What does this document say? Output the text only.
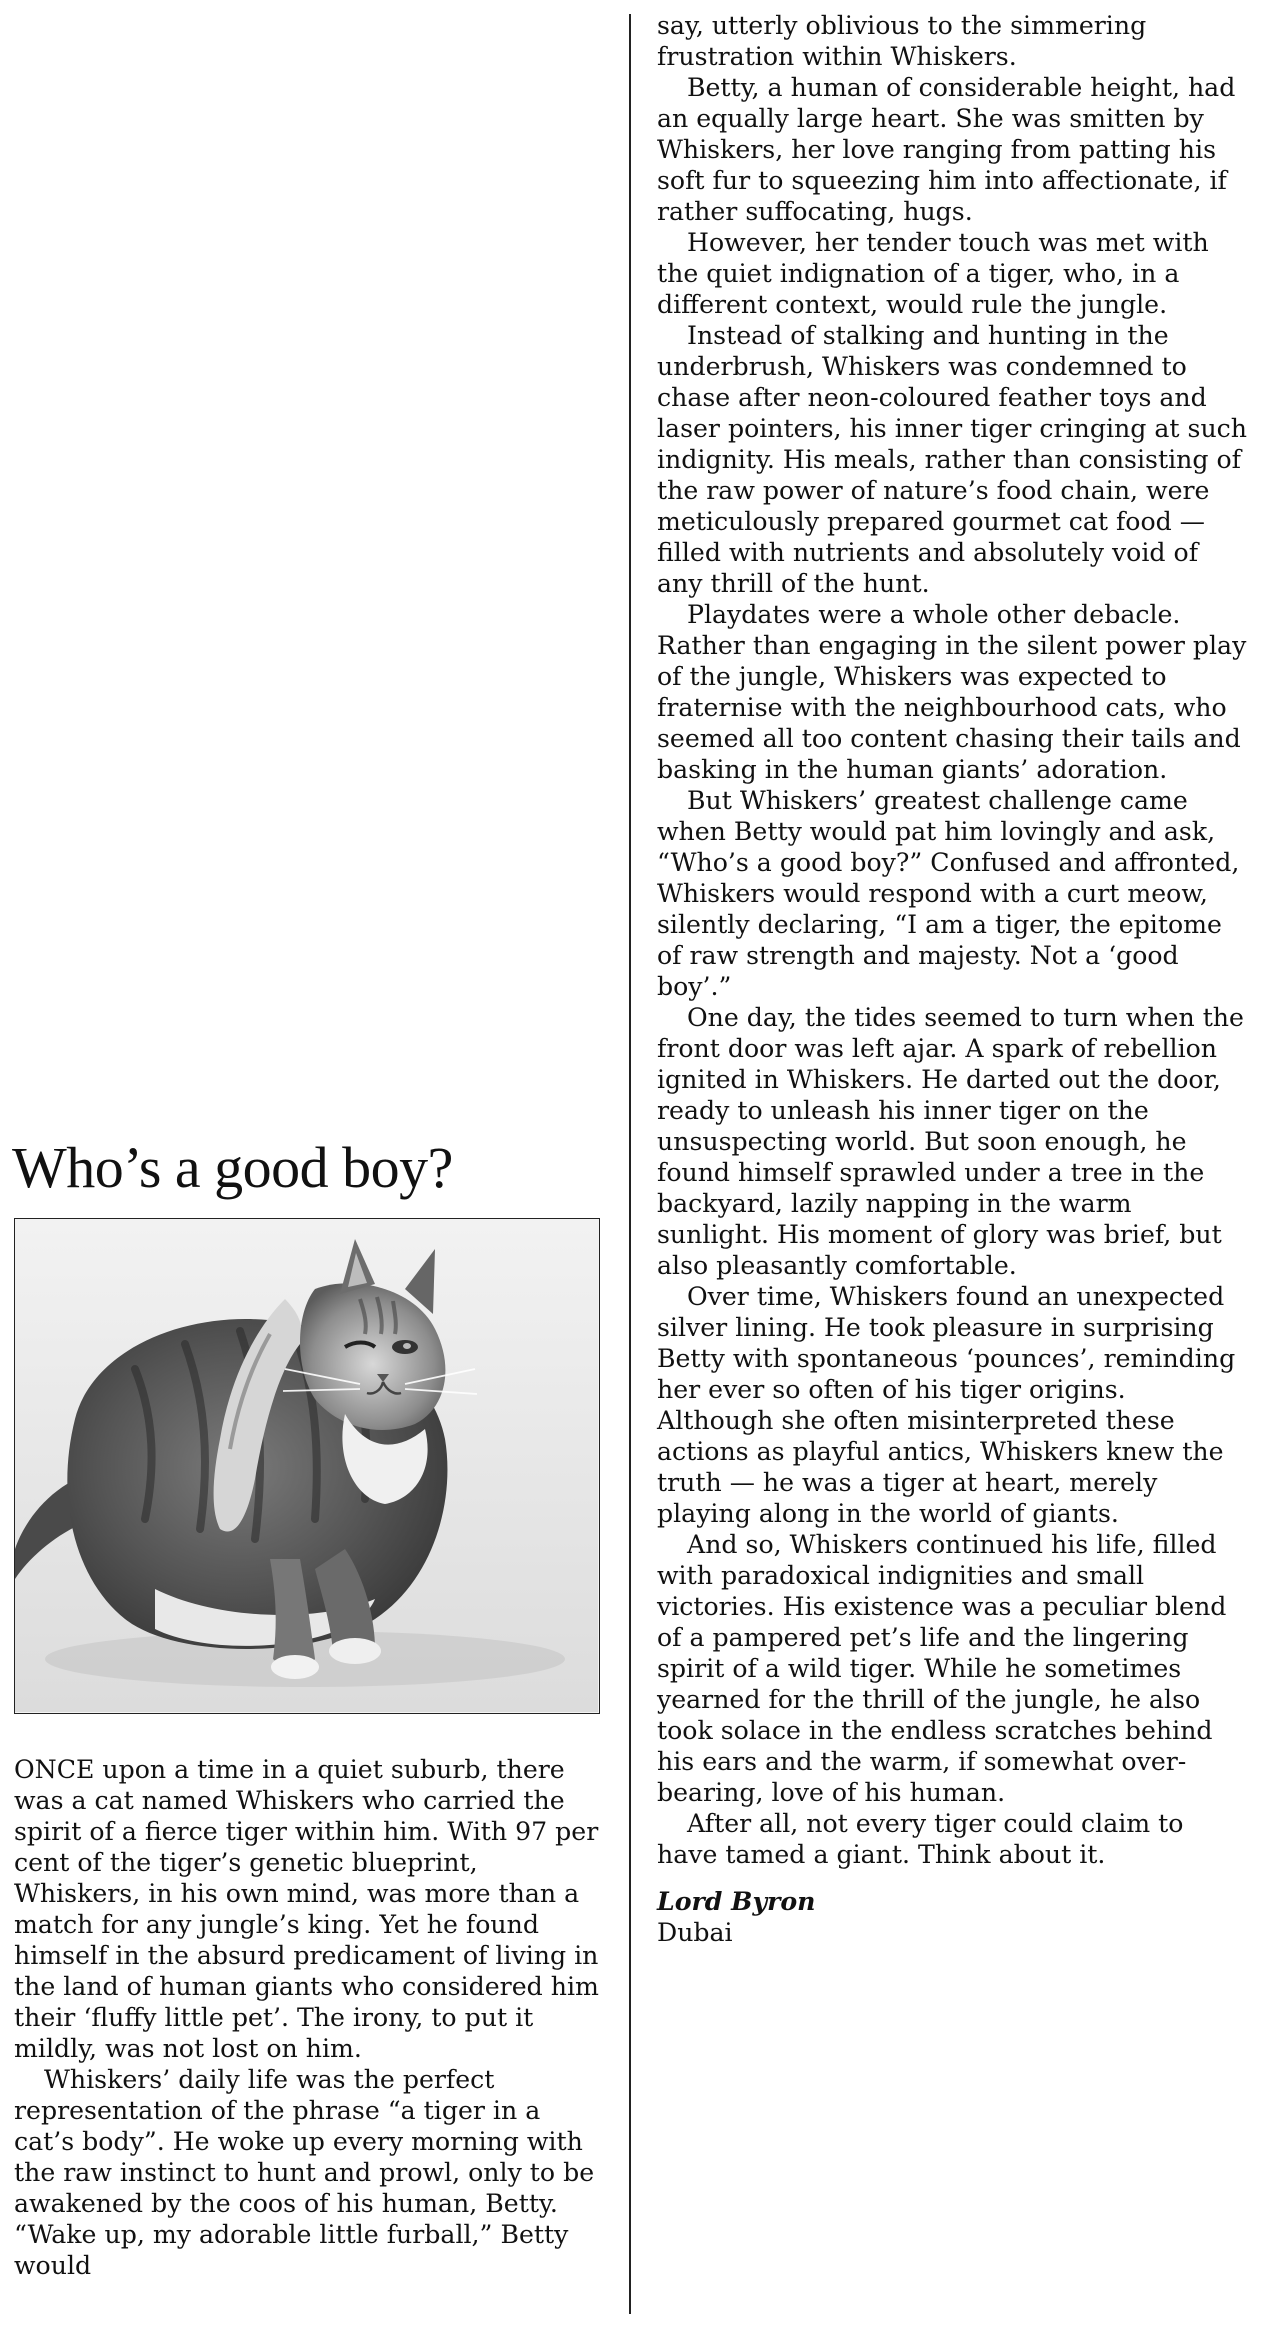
Who’s a good boy?

ONCE upon a time in a quiet suburb, there was a cat named Whiskers who carried the spirit of a fierce tiger within him. With 97 per cent of the tiger’s genetic blueprint, Whiskers, in his own mind, was more than a match for any jungle’s king. Yet he found himself in the absurd predicament of living in the land of human giants who considered him their ‘fluffy little pet’. The irony, to put it mildly, was not lost on him.

Whiskers’ daily life was the perfect representation of the phrase “a tiger in a cat’s body”. He woke up every morning with the raw instinct to hunt and prowl, only to be awakened by the coos of his human, Betty. “Wake up, my adorable little furball,” Betty would

say, utterly oblivious to the simmering frustration within Whiskers.

Betty, a human of considerable height, had an equally large heart. She was smitten by Whiskers, her love ranging from patting his soft fur to squeezing him into affectionate, if rather suffocating, hugs.

However, her tender touch was met with the quiet indignation of a tiger, who, in a different context, would rule the jungle.

Instead of stalking and hunting in the underbrush, Whiskers was condemned to chase after neon-coloured feather toys and laser pointers, his inner tiger cringing at such indignity. His meals, rather than consisting of the raw power of nature’s food chain, were meticulously prepared gourmet cat food — filled with nutrients and absolutely void of any thrill of the hunt.

Playdates were a whole other debacle. Rather than engaging in the silent power play of the jungle, Whiskers was expected to fraternise with the neighbourhood cats, who seemed all too content chasing their tails and basking in the human giants’ adoration.

But Whiskers’ greatest challenge came when Betty would pat him lovingly and ask, “Who’s a good boy?” Confused and affronted, Whiskers would respond with a curt meow, silently declaring, “I am a tiger, the epitome of raw strength and majesty. Not a ‘good boy’.”

One day, the tides seemed to turn when the front door was left ajar. A spark of rebellion ignited in Whiskers. He darted out the door, ready to unleash his inner tiger on the unsuspecting world. But soon enough, he found himself sprawled under a tree in the backyard, lazily napping in the warm sunlight. His moment of glory was brief, but also pleasantly comfortable.

Over time, Whiskers found an unexpected silver lining. He took pleasure in surprising Betty with spontaneous ‘pounces’, reminding her ever so often of his tiger origins. Although she often misinterpreted these actions as playful antics, Whiskers knew the truth — he was a tiger at heart, merely playing along in the world of giants.

And so, Whiskers continued his life, filled with paradoxical indignities and small victories. His existence was a peculiar blend of a pampered pet’s life and the lingering spirit of a wild tiger. While he sometimes yearned for the thrill of the jungle, he also took solace in the endless scratches behind his ears and the warm, if somewhat over-bearing, love of his human.

After all, not every tiger could claim to have tamed a giant. Think about it.

Lord Byron
Dubai
